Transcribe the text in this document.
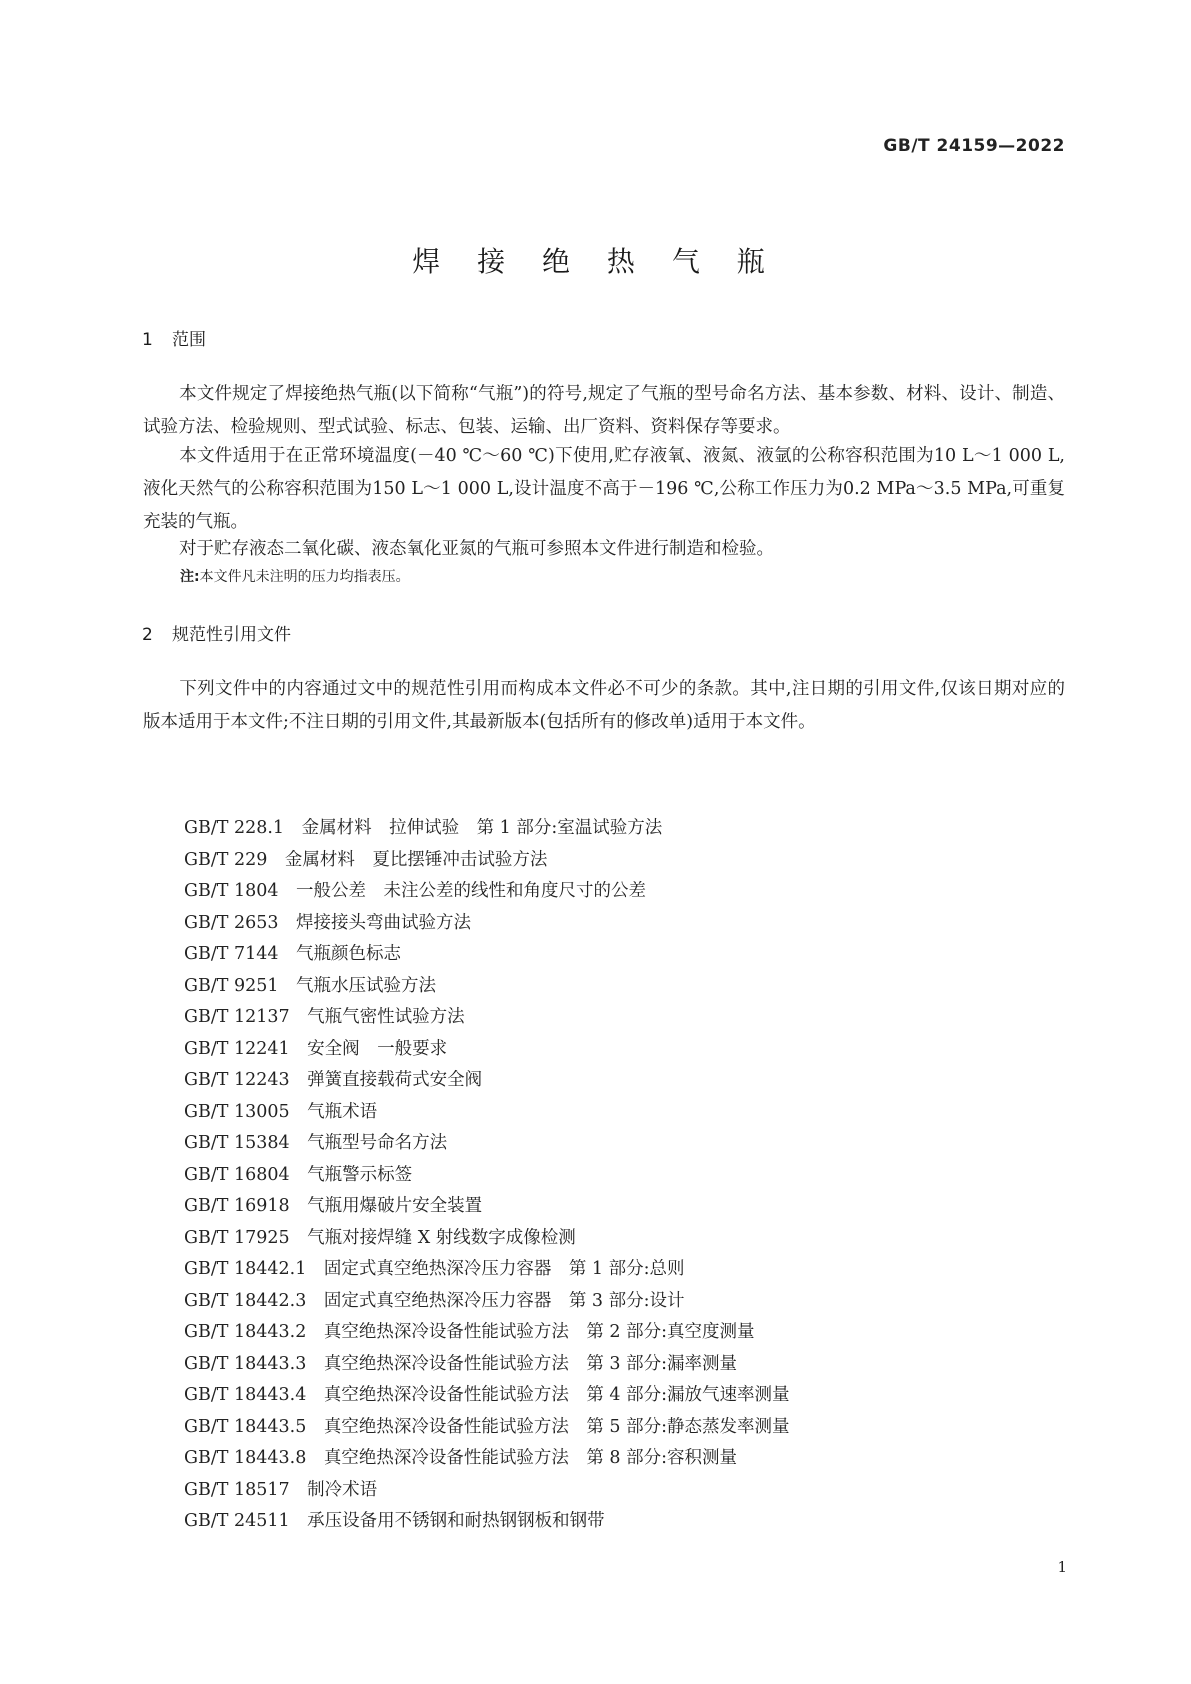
GB/T 24159—2022
焊 接 绝 热 气 瓶
1 范围
本文件规定了焊接绝热气瓶(以下简称“气瓶”)的符号,规定了气瓶的型号命名方法、基本参数、材料、设计、制造、试验方法、检验规则、型式试验、标志、包装、运输、出厂资料、资料保存等要求。
本文件适用于在正常环境温度(－40 ℃～60 ℃)下使用,贮存液氧、液氮、液氩的公称容积范围为10 L～1 000 L,液化天然气的公称容积范围为150 L～1 000 L,设计温度不高于－196 ℃,公称工作压力为0.2 MPa～3.5 MPa,可重复充装的气瓶。
对于贮存液态二氧化碳、液态氧化亚氮的气瓶可参照本文件进行制造和检验。
注:本文件凡未注明的压力均指表压。
2 规范性引用文件
下列文件中的内容通过文中的规范性引用而构成本文件必不可少的条款。其中,注日期的引用文件,仅该日期对应的版本适用于本文件;不注日期的引用文件,其最新版本(包括所有的修改单)适用于本文件。
GB/T 228.1　金属材料　拉伸试验　第 1 部分:室温试验方法
GB/T 229　金属材料　夏比摆锤冲击试验方法
GB/T 1804　一般公差　未注公差的线性和角度尺寸的公差
GB/T 2653　焊接接头弯曲试验方法
GB/T 7144　气瓶颜色标志
GB/T 9251　气瓶水压试验方法
GB/T 12137　气瓶气密性试验方法
GB/T 12241　安全阀　一般要求
GB/T 12243　弹簧直接载荷式安全阀
GB/T 13005　气瓶术语
GB/T 15384　气瓶型号命名方法
GB/T 16804　气瓶警示标签
GB/T 16918　气瓶用爆破片安全装置
GB/T 17925　气瓶对接焊缝 X 射线数字成像检测
GB/T 18442.1　固定式真空绝热深冷压力容器　第 1 部分:总则
GB/T 18442.3　固定式真空绝热深冷压力容器　第 3 部分:设计
GB/T 18443.2　真空绝热深冷设备性能试验方法　第 2 部分:真空度测量
GB/T 18443.3　真空绝热深冷设备性能试验方法　第 3 部分:漏率测量
GB/T 18443.4　真空绝热深冷设备性能试验方法　第 4 部分:漏放气速率测量
GB/T 18443.5　真空绝热深冷设备性能试验方法　第 5 部分:静态蒸发率测量
GB/T 18443.8　真空绝热深冷设备性能试验方法　第 8 部分:容积测量
GB/T 18517　制冷术语
GB/T 24511　承压设备用不锈钢和耐热钢钢板和钢带
1
